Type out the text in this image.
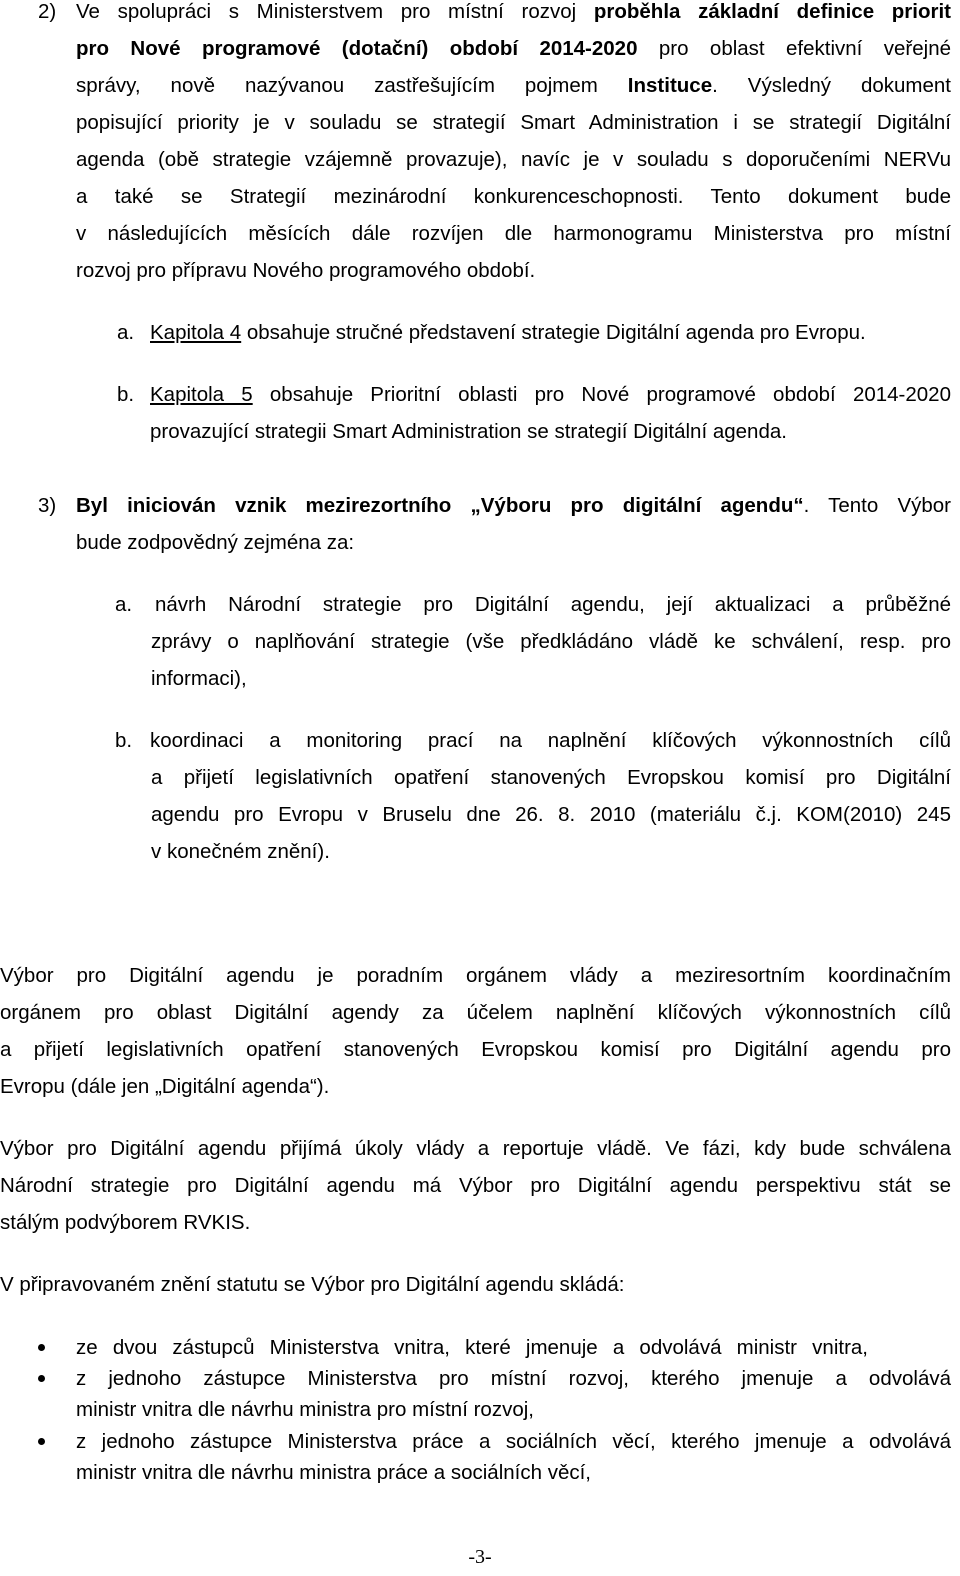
2) Ve spolupráci s Ministerstvem pro místní rozvoj proběhla základní definice priorit
pro Nové programové (dotační) období 2014-2020 pro oblast efektivní veřejné
správy, nově nazývanou zastřešujícím pojmem Instituce. Výsledný dokument
popisující priority je v souladu se strategií Smart Administration i se strategií Digitální
agenda (obě strategie vzájemně provazuje), navíc je v souladu s doporučeními NERVu
a také se Strategií mezinárodní konkurenceschopnosti. Tento dokument bude
v následujících měsících dále rozvíjen dle harmonogramu Ministerstva pro místní
rozvoj pro přípravu Nového programového období.
a. Kapitola 4 obsahuje stručné představení strategie Digitální agenda pro Evropu.
b. Kapitola 5 obsahuje Prioritní oblasti pro Nové programové období 2014-2020
provazující strategii Smart Administration se strategií Digitální agenda.
3) Byl iniciován vznik mezirezortního „Výboru pro digitální agendu“. Tento Výbor
bude zodpovědný zejména za:
a. návrh Národní strategie pro Digitální agendu, její aktualizaci a průběžné
zprávy o naplňování strategie (vše předkládáno vládě ke schválení, resp. pro
informaci),
b. koordinaci a monitoring prací na naplnění klíčových výkonnostních cílů
a přijetí legislativních opatření stanovených Evropskou komisí pro Digitální
agendu pro Evropu v Bruselu dne 26. 8. 2010 (materiálu č.j. KOM(2010) 245
v konečném znění).
Výbor pro Digitální agendu je poradním orgánem vlády a meziresortním koordinačním
orgánem pro oblast Digitální agendy za účelem naplnění klíčových výkonnostních cílů
a přijetí legislativních opatření stanovených Evropskou komisí pro Digitální agendu pro
Evropu (dále jen „Digitální agenda“).
Výbor pro Digitální agendu přijímá úkoly vlády a reportuje vládě. Ve fázi, kdy bude schválena
Národní strategie pro Digitální agendu má Výbor pro Digitální agendu perspektivu stát se
stálým podvýborem RVKIS.
V připravovaném znění statutu se Výbor pro Digitální agendu skládá:
ze dvou zástupců Ministerstva vnitra, které jmenuje a odvolává ministr vnitra,
z jednoho zástupce Ministerstva pro místní rozvoj, kterého jmenuje a odvolává
ministr vnitra dle návrhu ministra pro místní rozvoj,
z jednoho zástupce Ministerstva práce a sociálních věcí, kterého jmenuje a odvolává
ministr vnitra dle návrhu ministra práce a sociálních věcí,
-3-
